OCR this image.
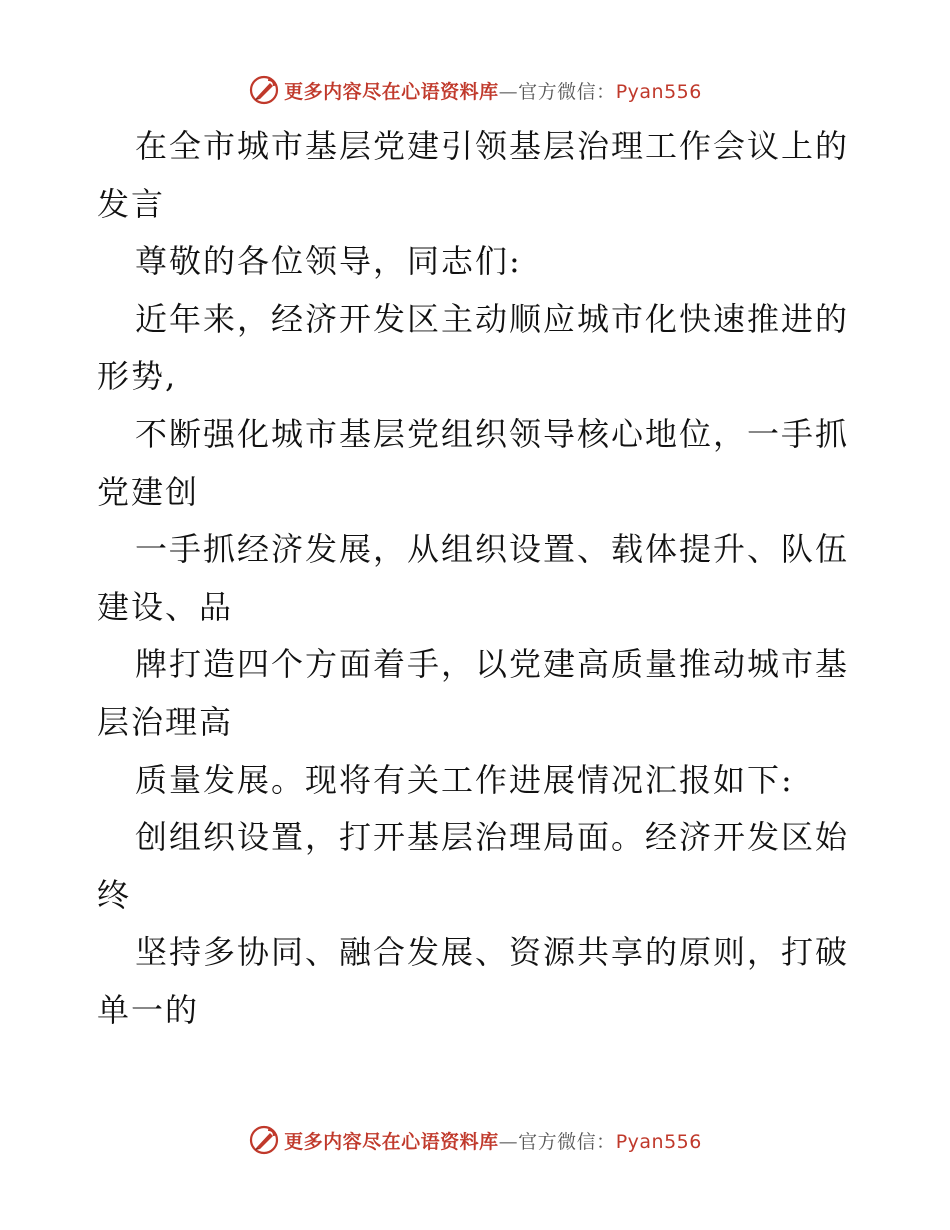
更多内容尽在心语资料库—官方微信：Pyan556
在全市城市基层党建引领基层治理工作会议上的
发言
尊敬的各位领导，同志们:
近年来，经济开发区主动顺应城市化快速推进的
形势,
不断强化城市基层党组织领导核心地位，一手抓
党建创
一手抓经济发展，从组织设置、载体提升、队伍
建设、品
牌打造四个方面着手，以党建高质量推动城市基
层治理高
质量发展。现将有关工作进展情况汇报如下:
创组织设置，打开基层治理局面。经济开发区始
终
坚持多协同、融合发展、资源共享的原则，打破
单一的
更多内容尽在心语资料库—官方微信：Pyan556
